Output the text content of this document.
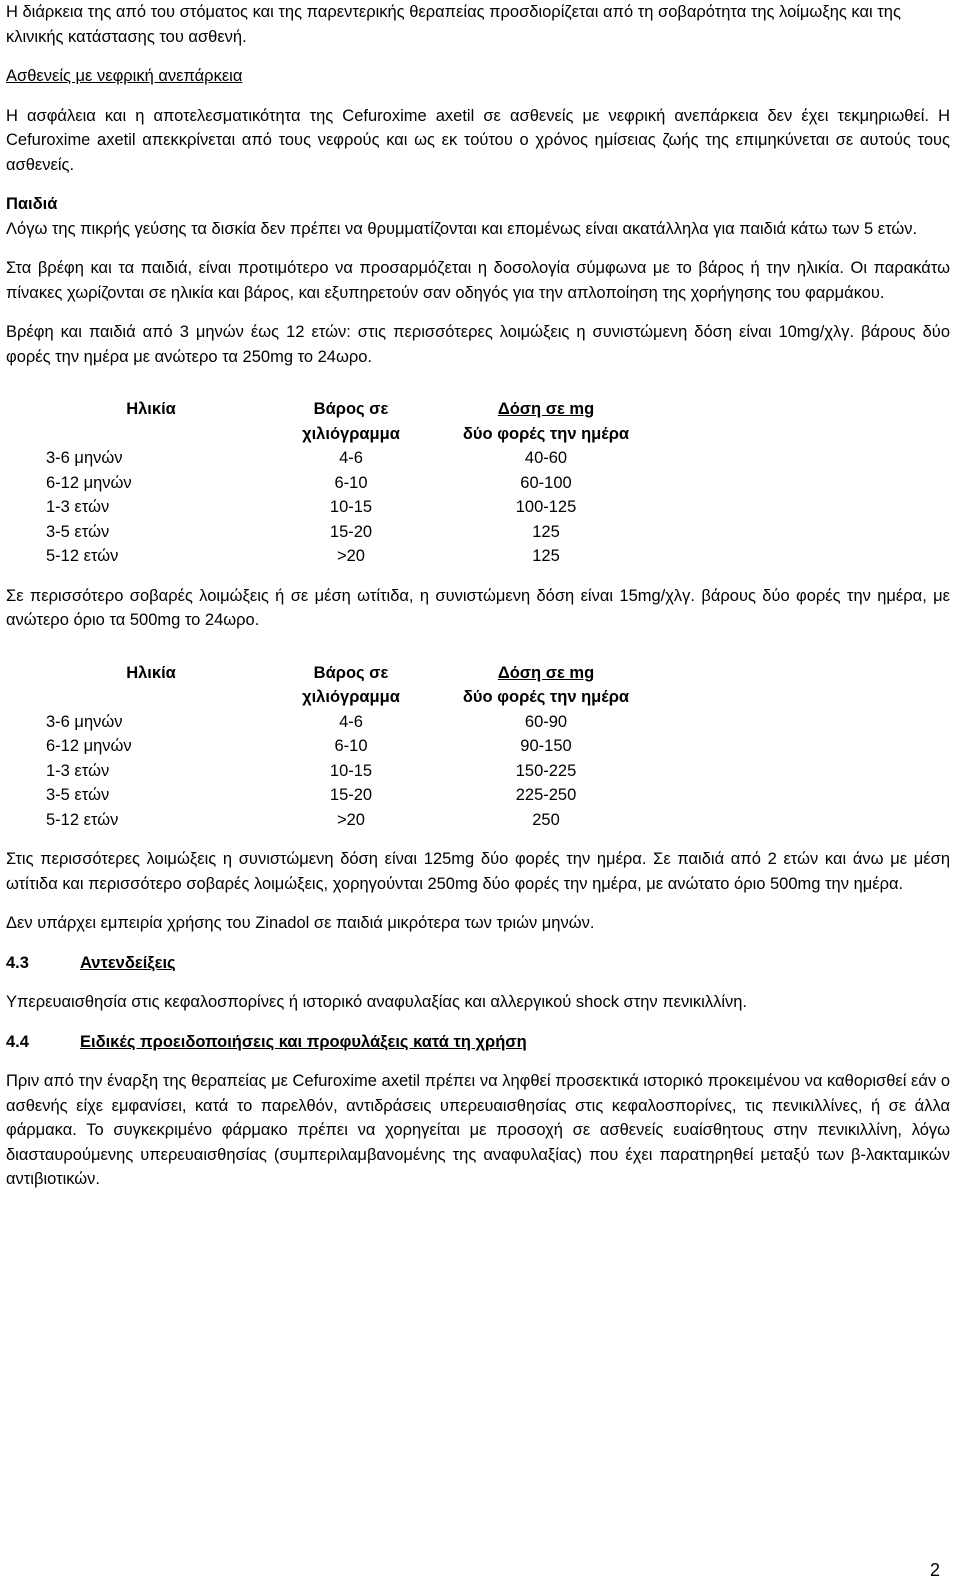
Η διάρκεια της από του στόματος και της παρεντερικής θεραπείας προσδιορίζεται από τη σοβαρότητα της λοίμωξης και της κλινικής κατάστασης του ασθενή.

Ασθενείς με νεφρική ανεπάρκεια

Η ασφάλεια και η αποτελεσματικότητα της Cefuroxime axetil σε ασθενείς με νεφρική ανεπάρκεια δεν έχει τεκμηριωθεί. Η Cefuroxime axetil απεκκρίνεται από τους νεφρούς και ως εκ τούτου ο χρόνος ημίσειας ζωής της επιμηκύνεται σε αυτούς τους ασθενείς.

Παιδιά

Λόγω της πικρής γεύσης τα δισκία δεν πρέπει να θρυμματίζονται και επομένως είναι ακατάλληλα για παιδιά κάτω των 5 ετών.

Στα βρέφη και τα παιδιά, είναι προτιμότερο να προσαρμόζεται η δοσολογία σύμφωνα με το βάρος ή την ηλικία. Οι παρακάτω πίνακες χωρίζονται σε ηλικία και βάρος, και εξυπηρετούν σαν οδηγός για την απλοποίηση της χορήγησης του φαρμάκου.

Βρέφη και παιδιά από 3 μηνών έως 12 ετών: στις περισσότερες λοιμώξεις η συνιστώμενη δόση είναι 10mg/χλγ. βάρους δύο φορές την ημέρα με ανώτερο τα 250mg το 24ωρο.

Ηλικία	Βάρος σε	Δόση σε mg
	χιλιόγραμμα	δύο φορές την ημέρα
3-6 μηνών	4-6	40-60
6-12 μηνών	6-10	60-100
1-3 ετών	10-15	100-125
3-5 ετών	15-20	125
5-12 ετών	>20	125

Σε περισσότερο σοβαρές λοιμώξεις ή σε μέση ωτίτιδα, η συνιστώμενη δόση είναι 15mg/χλγ. βάρους δύο φορές την ημέρα, με ανώτερο όριο τα 500mg το 24ωρο.

Ηλικία	Βάρος σε	Δόση σε mg
	χιλιόγραμμα	δύο φορές την ημέρα
3-6 μηνών	4-6	60-90
6-12 μηνών	6-10	90-150
1-3 ετών	10-15	150-225
3-5 ετών	15-20	225-250
5-12 ετών	>20	250

Στις περισσότερες λοιμώξεις η συνιστώμενη δόση είναι 125mg δύο φορές την ημέρα. Σε παιδιά από 2 ετών και άνω με μέση ωτίτιδα και περισσότερο σοβαρές λοιμώξεις, χορηγούνται 250mg δύο φορές την ημέρα, με ανώτατο όριο 500mg την ημέρα.

Δεν υπάρχει εμπειρία χρήσης του Zinadol σε παιδιά μικρότερα των τριών μηνών.

4.3	Αντενδείξεις

Υπερευαισθησία στις κεφαλοσπορίνες ή ιστορικό αναφυλαξίας και αλλεργικού shock στην πενικιλλίνη.

4.4	Ειδικές προειδοποιήσεις και προφυλάξεις κατά τη χρήση

Πριν από την έναρξη της θεραπείας με Cefuroxime axetil πρέπει να ληφθεί προσεκτικά ιστορικό προκειμένου να καθορισθεί εάν ο ασθενής είχε εμφανίσει, κατά το παρελθόν, αντιδράσεις υπερευαισθησίας στις κεφαλοσπορίνες, τις πενικιλλίνες, ή σε άλλα φάρμακα. Το συγκεκριμένο φάρμακο πρέπει να χορηγείται με προσοχή σε ασθενείς ευαίσθητους στην πενικιλλίνη, λόγω διασταυρούμενης υπερευαισθησίας (συμπεριλαμβανομένης της αναφυλαξίας) που έχει παρατηρηθεί μεταξύ των β-λακταμικών αντιβιοτικών.

2
